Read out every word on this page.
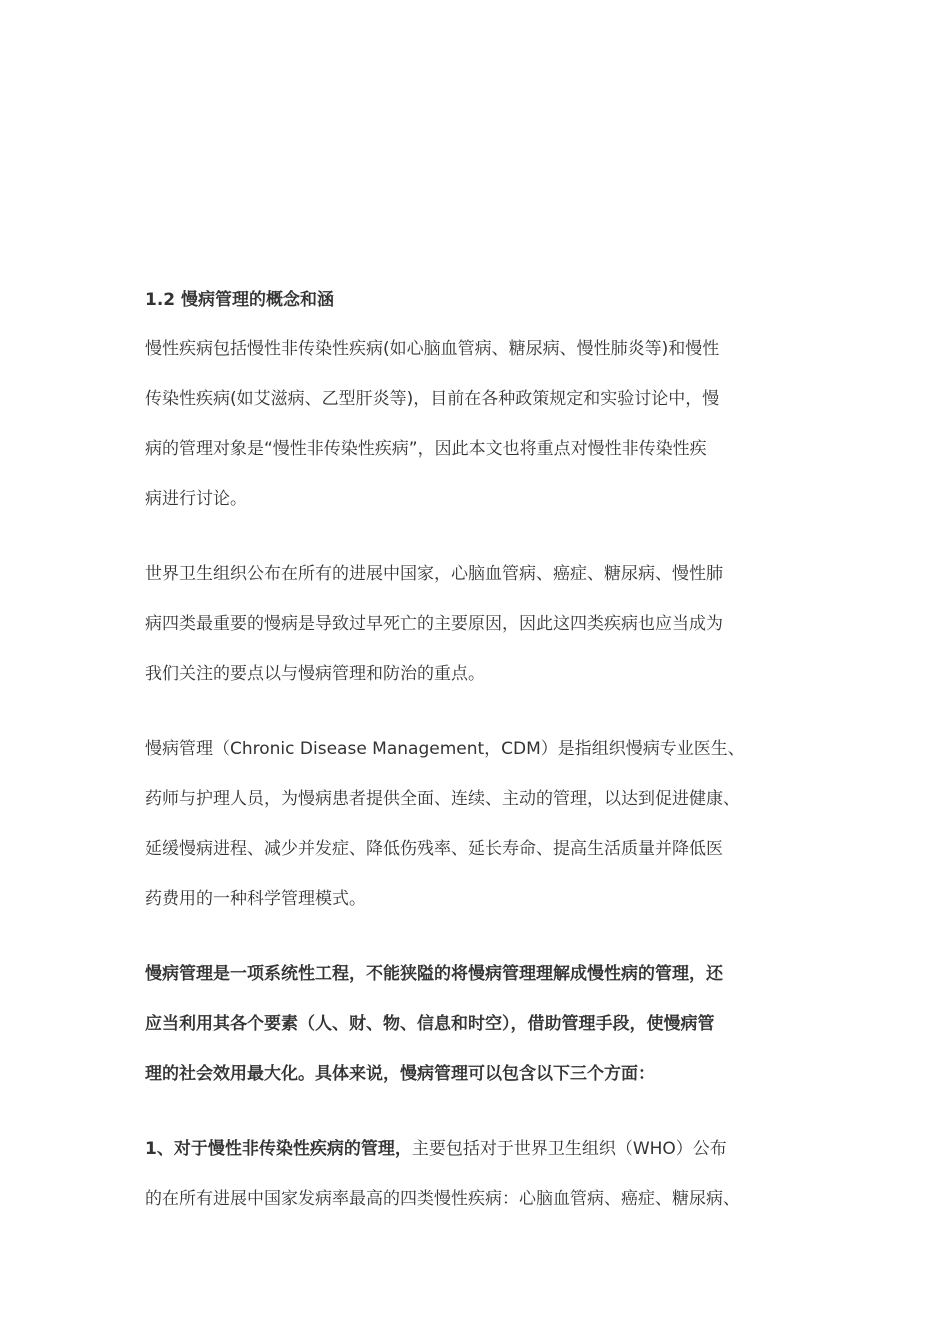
1.2 慢病管理的概念和涵
慢性疾病包括慢性非传染性疾病(如心脑血管病、糖尿病、慢性肺炎等)和慢性
传染性疾病(如艾滋病、乙型肝炎等)，目前在各种政策规定和实验讨论中，慢
病的管理对象是“慢性非传染性疾病”，因此本文也将重点对慢性非传染性疾
病进行讨论。
世界卫生组织公布在所有的进展中国家，心脑血管病、癌症、糖尿病、慢性肺
病四类最重要的慢病是导致过早死亡的主要原因，因此这四类疾病也应当成为
我们关注的要点以与慢病管理和防治的重点。
慢病管理（Chronic Disease Management，CDM）是指组织慢病专业医生、
药师与护理人员，为慢病患者提供全面、连续、主动的管理，以达到促进健康、
延缓慢病进程、减少并发症、降低伤残率、延长寿命、提高生活质量并降低医
药费用的一种科学管理模式。
慢病管理是一项系统性工程，不能狭隘的将慢病管理理解成慢性病的管理，还
应当利用其各个要素（人、财、物、信息和时空），借助管理手段，使慢病管
理的社会效用最大化。具体来说，慢病管理可以包含以下三个方面：
1、对于慢性非传染性疾病的管理，主要包括对于世界卫生组织（WHO）公布
的在所有进展中国家发病率最高的四类慢性疾病：心脑血管病、癌症、糖尿病、
